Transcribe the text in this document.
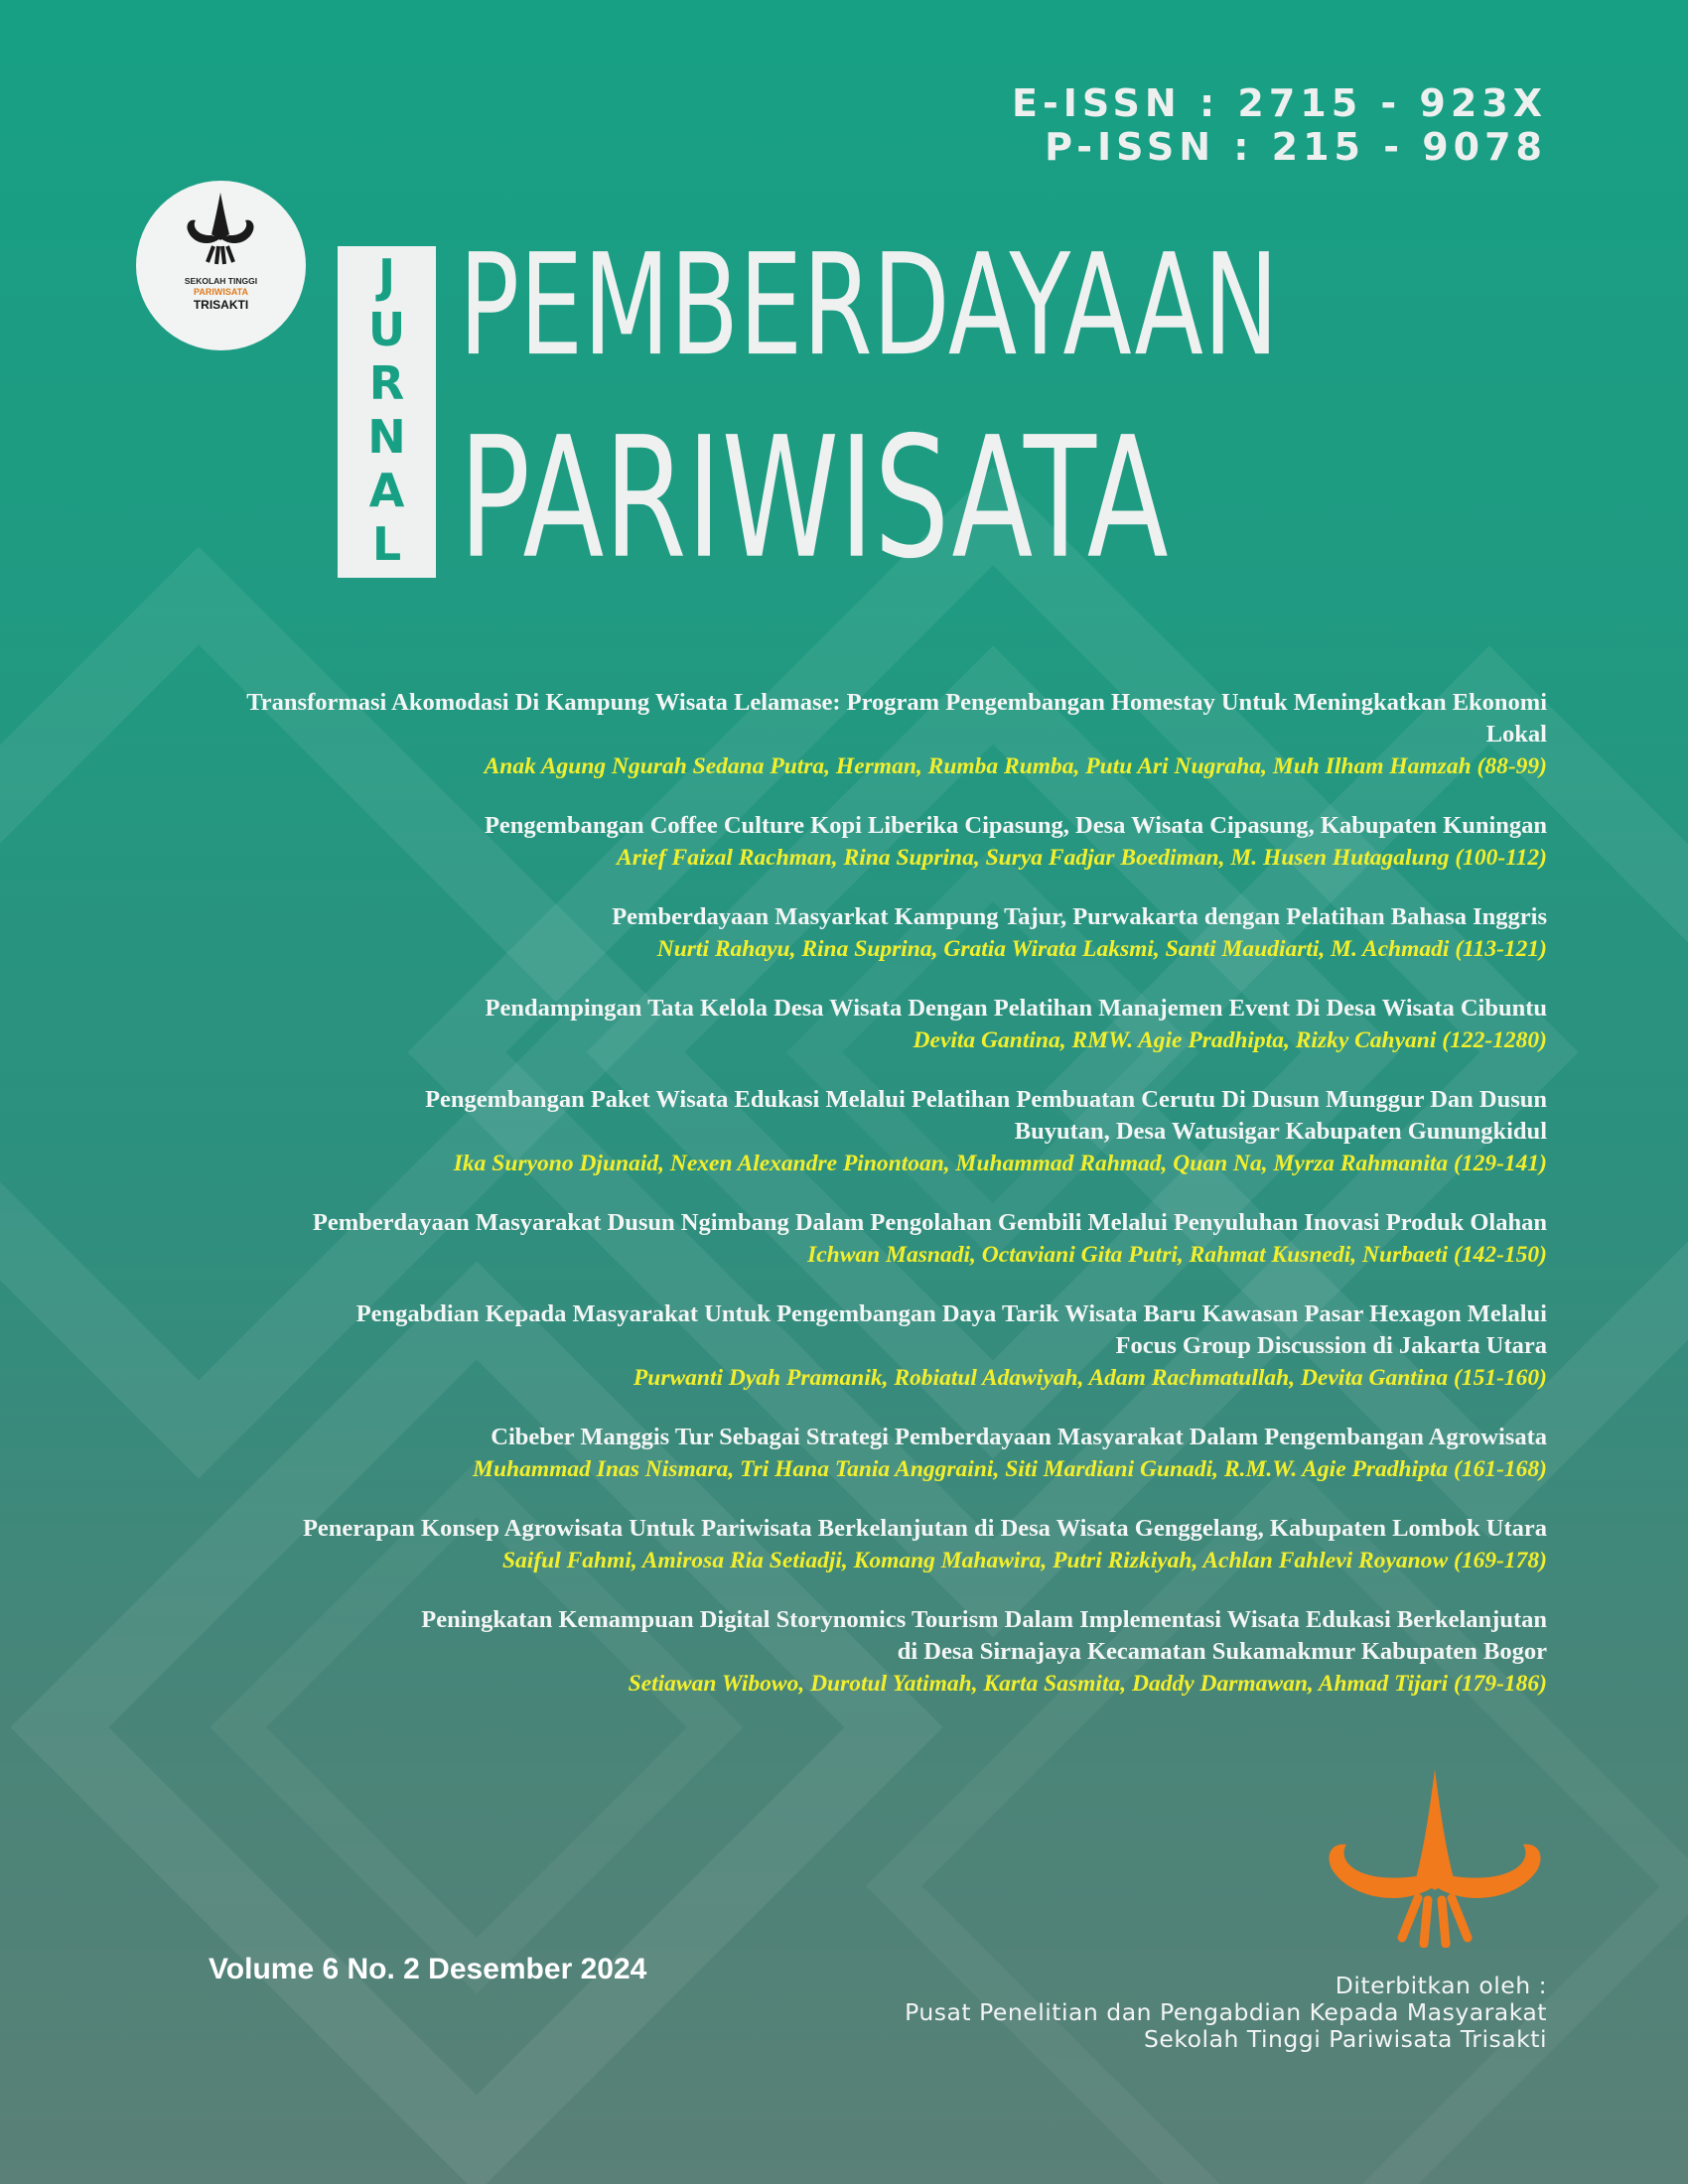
E-ISSN : 2715 - 923X
P-ISSN : 215 - 9078
SEKOLAH TINGGI
PARIWISATA
TRISAKTI
J
U
R
N
A
L
PEMBERDAYAAN
PARIWISATA
Transformasi Akomodasi Di Kampung Wisata Lelamase: Program Pengembangan Homestay Untuk Meningkatkan Ekonomi Lokal
Anak Agung Ngurah Sedana Putra, Herman, Rumba Rumba, Putu Ari Nugraha, Muh Ilham Hamzah (88-99)
Pengembangan Coffee Culture Kopi Liberika Cipasung, Desa Wisata Cipasung, Kabupaten Kuningan
Arief Faizal Rachman, Rina Suprina, Surya Fadjar Boediman, M. Husen Hutagalung (100-112)
Pemberdayaan Masyarkat Kampung Tajur, Purwakarta dengan Pelatihan Bahasa Inggris
Nurti Rahayu, Rina Suprina, Gratia Wirata Laksmi, Santi Maudiarti, M. Achmadi (113-121)
Pendampingan Tata Kelola Desa Wisata Dengan Pelatihan Manajemen Event Di Desa Wisata Cibuntu
Devita Gantina, RMW. Agie Pradhipta, Rizky Cahyani (122-1280)
Pengembangan Paket Wisata Edukasi Melalui Pelatihan Pembuatan Cerutu Di Dusun Munggur Dan Dusun Buyutan, Desa Watusigar Kabupaten Gunungkidul
Ika Suryono Djunaid, Nexen Alexandre Pinontoan, Muhammad Rahmad, Quan Na, Myrza Rahmanita (129-141)
Pemberdayaan Masyarakat Dusun Ngimbang Dalam Pengolahan Gembili Melalui Penyuluhan Inovasi Produk Olahan
Ichwan Masnadi, Octaviani Gita Putri, Rahmat Kusnedi, Nurbaeti (142-150)
Pengabdian Kepada Masyarakat Untuk Pengembangan Daya Tarik Wisata Baru Kawasan Pasar Hexagon Melalui Focus Group Discussion di Jakarta Utara
Purwanti Dyah Pramanik, Robiatul Adawiyah, Adam Rachmatullah, Devita Gantina (151-160)
Cibeber Manggis Tur Sebagai Strategi Pemberdayaan Masyarakat Dalam Pengembangan Agrowisata
Muhammad Inas Nismara, Tri Hana Tania Anggraini, Siti Mardiani Gunadi, R.M.W. Agie Pradhipta (161-168)
Penerapan Konsep Agrowisata Untuk Pariwisata Berkelanjutan di Desa Wisata Genggelang, Kabupaten Lombok Utara
Saiful Fahmi, Amirosa Ria Setiadji, Komang Mahawira, Putri Rizkiyah, Achlan Fahlevi Royanow (169-178)
Peningkatan Kemampuan Digital Storynomics Tourism Dalam Implementasi Wisata Edukasi Berkelanjutan di Desa Sirnajaya Kecamatan Sukamakmur Kabupaten Bogor
Setiawan Wibowo, Durotul Yatimah, Karta Sasmita, Daddy Darmawan, Ahmad Tijari (179-186)
Volume 6 No. 2 Desember 2024	Diterbitkan oleh :
Pusat Penelitian dan Pengabdian Kepada Masyarakat
Sekolah Tinggi Pariwisata Trisakti
